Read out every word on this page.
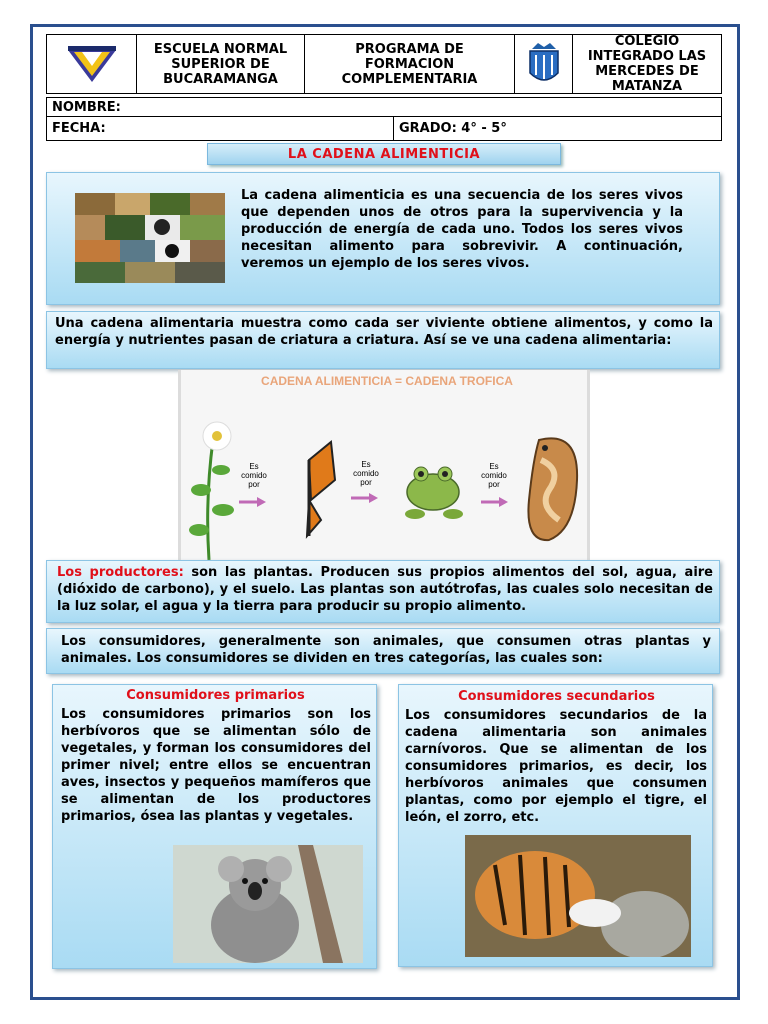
ESCUELA NORMAL
SUPERIOR DE
BUCARAMANGA
PROGRAMA DE
FORMACION
COMPLEMENTARIA
COLEGIO
INTEGRADO LAS
MERCEDES DE
MATANZA
NOMBRE:
FECHA:	GRADO: 4° - 5°
LA CADENA ALIMENTICIA
La cadena alimenticia es una secuencia de los seres vivos que dependen unos de otros para la supervivencia y la producción de energía de cada uno. Todos los seres vivos necesitan alimento para sobrevivir. A continuación, veremos un ejemplo de los seres vivos.
Una cadena alimentaria muestra como cada ser viviente obtiene alimentos, y como la energía y nutrientes pasan de criatura a criatura. Así se ve una cadena alimentaria:
CADENA ALIMENTICIA = CADENA TROFICA
Es comido
por
Es comido
por
Es comido
por
Los productores: son las plantas. Producen sus propios alimentos del sol, agua, aire (dióxido de carbono), y el suelo. Las plantas son autótrofas, las cuales solo necesitan de la luz solar, el agua y la tierra para producir su propio alimento.
Los consumidores, generalmente son animales, que consumen otras plantas y animales. Los consumidores se dividen en tres categorías, las cuales son:
Consumidores primarios
Los consumidores primarios son los herbívoros que se alimentan sólo de vegetales, y forman los consumidores del primer nivel; entre ellos se encuentran aves, insectos y pequeños mamíferos que se alimentan de los productores primarios, ósea las plantas y vegetales.
Consumidores secundarios
Los consumidores secundarios de la cadena alimentaria son animales carnívoros. Que se alimentan de los consumidores primarios, es decir, los herbívoros animales que consumen plantas, como por ejemplo el tigre, el león, el zorro, etc.
